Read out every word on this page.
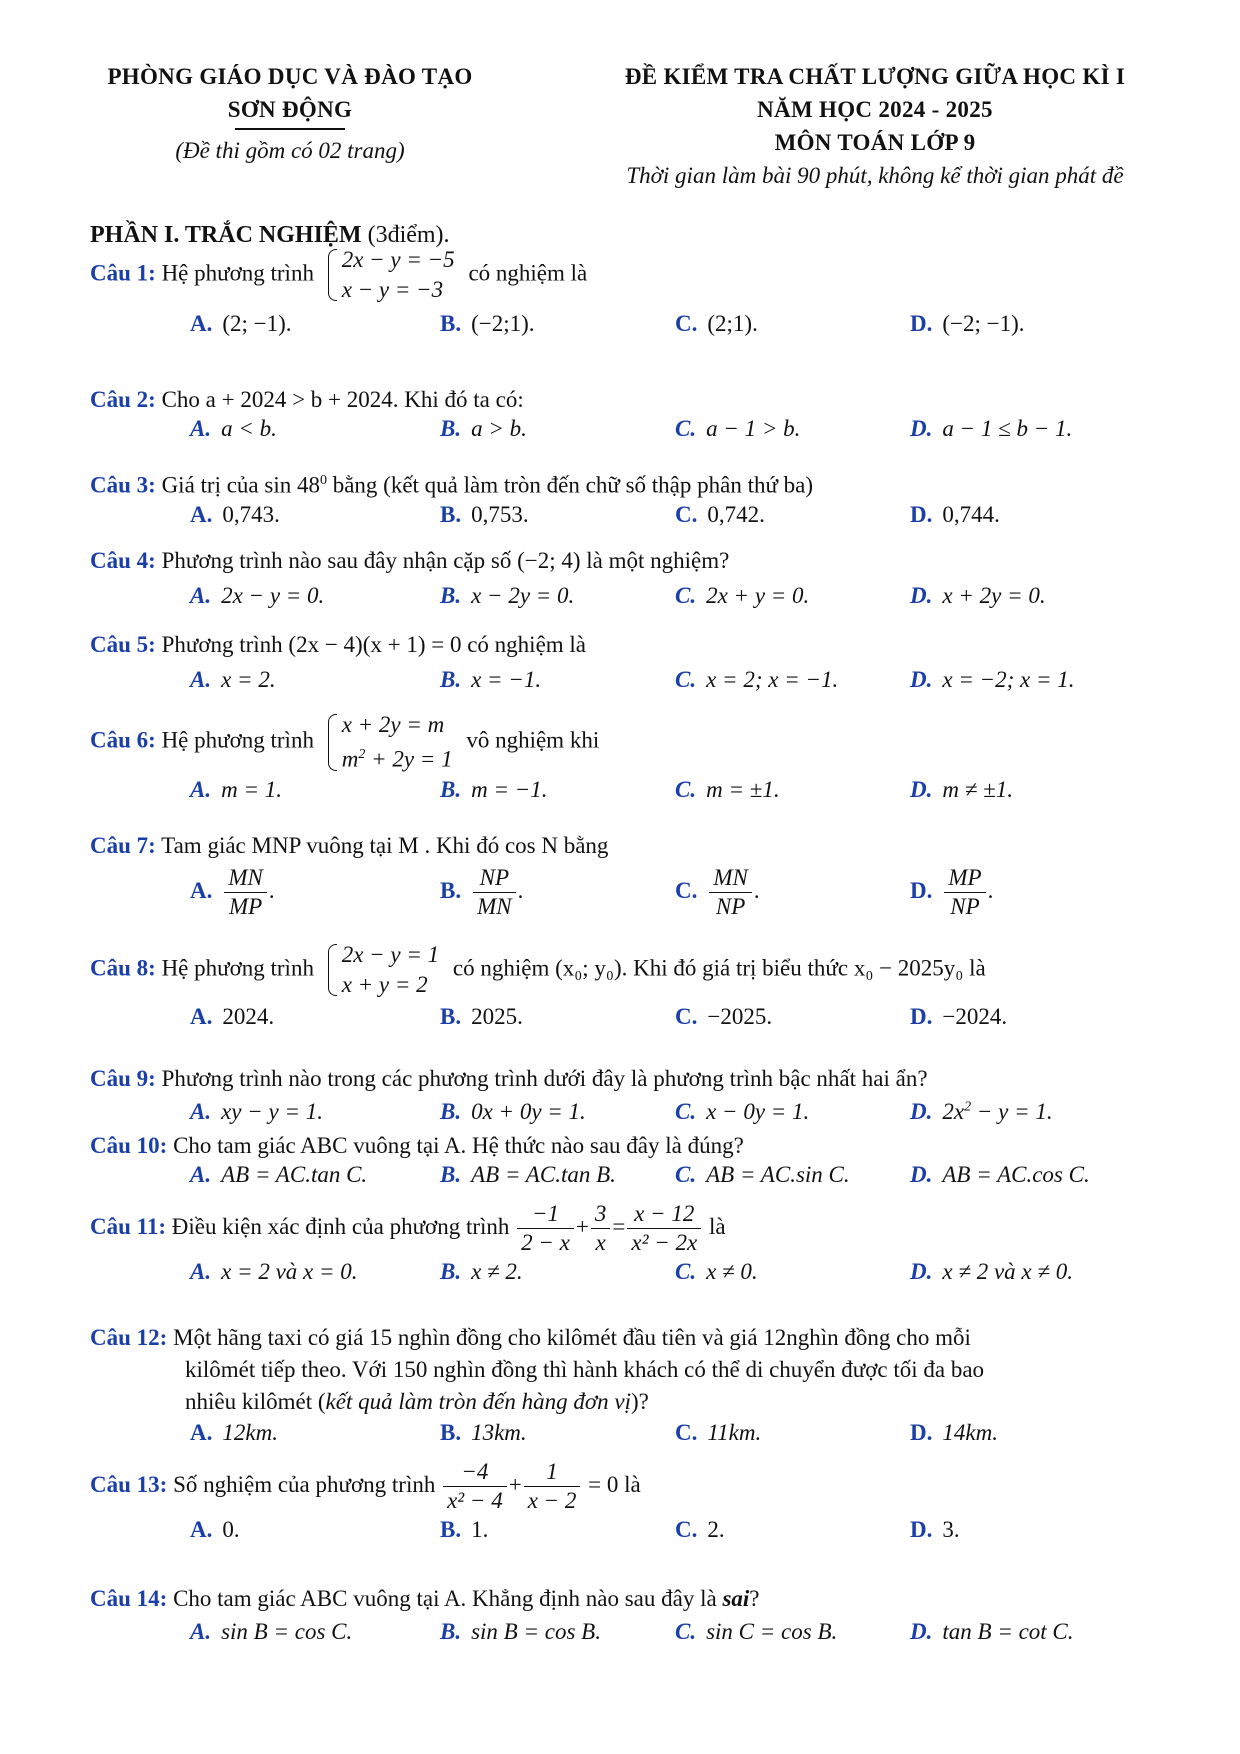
PHÒNG GIÁO DỤC VÀ ĐÀO TẠO
SƠN ĐỘNG
(Đề thi gồm có 02 trang)
ĐỀ KIỂM TRA CHẤT LƯỢNG GIỮA HỌC KÌ I
NĂM HỌC 2024 - 2025
MÔN TOÁN LỚP 9
Thời gian làm bài 90 phút, không kể thời gian phát đề
PHẦN I. TRẮC NGHIỆM (3điểm).
Câu 1: Hệ phương trình
2x − y = −5
x − y = −3
có nghiệm là
A. (2; −1).	B. (−2;1).	C. (2;1).	D. (−2; −1).
Câu 2: Cho a + 2024 > b + 2024. Khi đó ta có:
A. a < b.	B. a > b.	C. a − 1 > b.	D. a − 1 ≤ b − 1.
Câu 3: Giá trị của $\sin 48^0$ bằng (kết quả làm tròn đến chữ số thập phân thứ ba)
A. 0,743.	B. 0,753.	C. 0,742.	D. 0,744.
Câu 4: Phương trình nào sau đây nhận cặp số (−2; 4) là một nghiệm?
A. 2x − y = 0.	B. x − 2y = 0.	C. 2x + y = 0.	D. x + 2y = 0.
Câu 5: Phương trình (2x − 4)(x + 1) = 0 có nghiệm là
A. x = 2.	B. x = −1.	C. x = 2; x = −1.	D. x = −2; x = 1.
Câu 6: Hệ phương trình
x + 2y = m
$m^2 + 2y = 1$
vô nghiệm khi
A. m = 1.	B. m = −1.	C. m = ±1.	D. m ≠ ±1.
Câu 7: Tam giác MNP vuông tại M . Khi đó cos N bằng
A. $\frac{MN}{MP}$ .	B. $\frac{NP}{MN}$ .	C. $\frac{MN}{NP}$ .	D. $\frac{MP}{NP}$ .
Câu 8: Hệ phương trình
2x − y = 1
x + y = 2
có nghiệm (x₀; y₀). Khi đó giá trị biểu thức x₀ − 2025y₀ là
A. 2024.	B. 2025.	C. −2025.	D. −2024.
Câu 9: Phương trình nào trong các phương trình dưới đây là phương trình bậc nhất hai ẩn?
A. xy − y = 1.	B. 0x + 0y = 1.	C. x − 0y = 1.	D. $2x^2 - y = 1$.
Câu 10: Cho tam giác ABC vuông tại A. Hệ thức nào sau đây là đúng?
A. AB = AC.tan C.	B. AB = AC.tan B.	C. AB = AC.sin C.	D. AB = AC.cos C.
Câu 11: Điều kiện xác định của phương trình $\frac{-1}{2 - x} + \frac{3}{x} = \frac{x - 12}{\text{x² − 2x}}$ là
A. x = 2 và x = 0.	B. x ≠ 2.	C. x ≠ 0.	D. x ≠ 2 và x ≠ 0.
Câu 12: Một hãng taxi có giá 15 nghìn đồng cho kilômét đầu tiên và giá 12nghìn đồng cho mỗi
kilômét tiếp theo. Với 150 nghìn đồng thì hành khách có thể di chuyển được tối đa bao
nhiêu kilômét (kết quả làm tròn đến hàng đơn vị)?
A. 12km.	B. 13km.	C. 11km.	D. 14km.
Câu 13: Số nghiệm của phương trình $\frac{-4}{\text{x² − 4}} + \frac{1}{x - 2} = 0$ là
A. 0.	B. 1.	C. 2.	D. 3.
Câu 14: Cho tam giác ABC vuông tại A. Khẳng định nào sau đây là sai?
A. sin B = cos C.	B. sin B = cos B.	C. sin C = cos B.	D. tan B = cot C.
